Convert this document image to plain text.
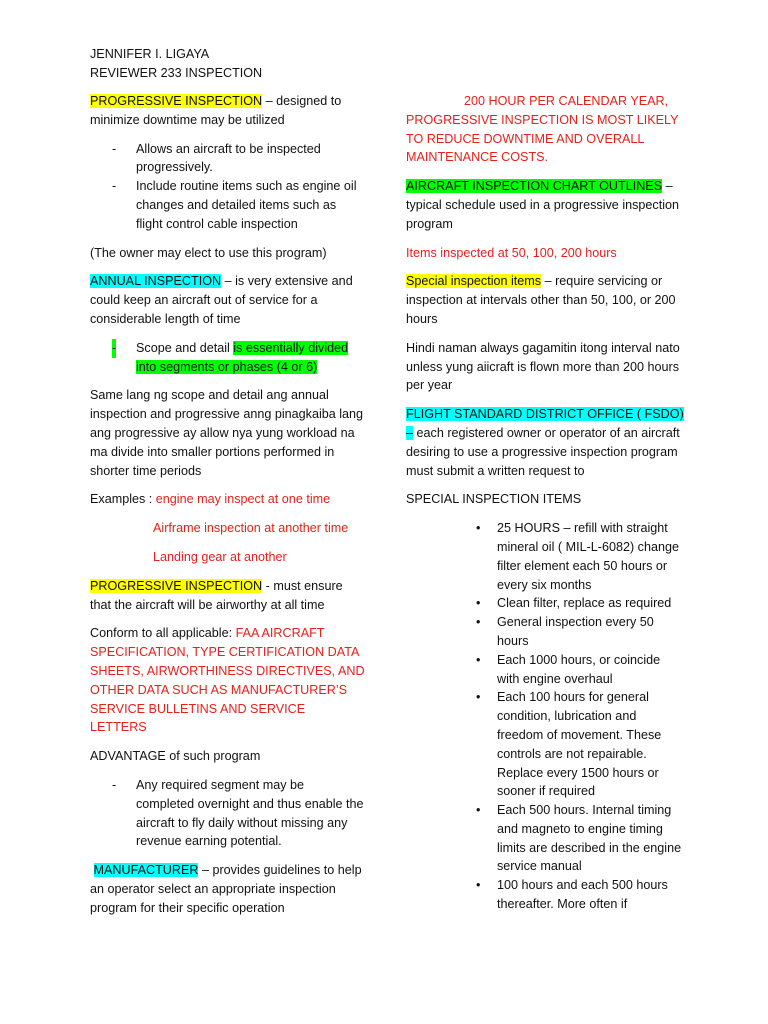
JENNIFER I. LIGAYA
REVIEWER 233 INSPECTION

PROGRESSIVE INSPECTION – designed to minimize downtime may be utilized

- Allows an aircraft to be inspected progressively.
- Include routine items such as engine oil changes and detailed items such as flight control cable inspection

(The owner may elect to use this program)

ANNUAL INSPECTION – is very extensive and could keep an aircraft out of service for a considerable length of time

- Scope and detail is essentially divided into segments or phases (4 or 6)

Same lang ng scope and detail ang annual inspection and progressive anng pinagkaiba lang ang progressive ay allow nya yung workload na ma divide into smaller portions performed in shorter time periods

Examples : engine may inspect at one time

Airframe inspection at another time

Landing gear at another

PROGRESSIVE INSPECTION - must ensure that the aircraft will be airworthy at all time

Conform to all applicable: FAA AIRCRAFT SPECIFICATION, TYPE CERTIFICATION DATA SHEETS, AIRWORTHINESS DIRECTIVES, AND OTHER DATA SUCH AS MANUFACTURER’S SERVICE BULLETINS AND SERVICE LETTERS

ADVANTAGE of such program

- Any required segment may be completed overnight and thus enable the aircraft to fly daily without missing any revenue earning potential.

MANUFACTURER – provides guidelines to help an operator select an appropriate inspection program for their specific operation

200 HOUR PER CALENDAR YEAR, PROGRESSIVE INSPECTION IS MOST LIKELY TO REDUCE DOWNTIME AND OVERALL MAINTENANCE COSTS.

AIRCRAFT INSPECTION CHART OUTLINES – typical schedule used in a progressive inspection program

Items inspected at 50, 100, 200 hours

Special inspection items – require servicing or inspection at intervals other than 50, 100, or 200 hours

Hindi naman always gagamitin itong interval nato unless yung aiicraft is flown more than 200 hours per year

FLIGHT STANDARD DISTRICT OFFICE ( FSDO) – each registered owner or operator of an aircraft desiring to use a progressive inspection program must submit a written request to

SPECIAL INSPECTION ITEMS

• 25 HOURS – refill with straight mineral oil ( MIL-L-6082) change filter element each 50 hours or every six months
• Clean filter, replace as required
• General inspection every 50 hours
• Each 1000 hours, or coincide with engine overhaul
• Each 100 hours for general condition, lubrication and freedom of movement. These controls are not repairable. Replace every 1500 hours or sooner if required
• Each 500 hours. Internal timing and magneto to engine timing limits are described in the engine service manual
• 100 hours and each 500 hours thereafter. More often if
